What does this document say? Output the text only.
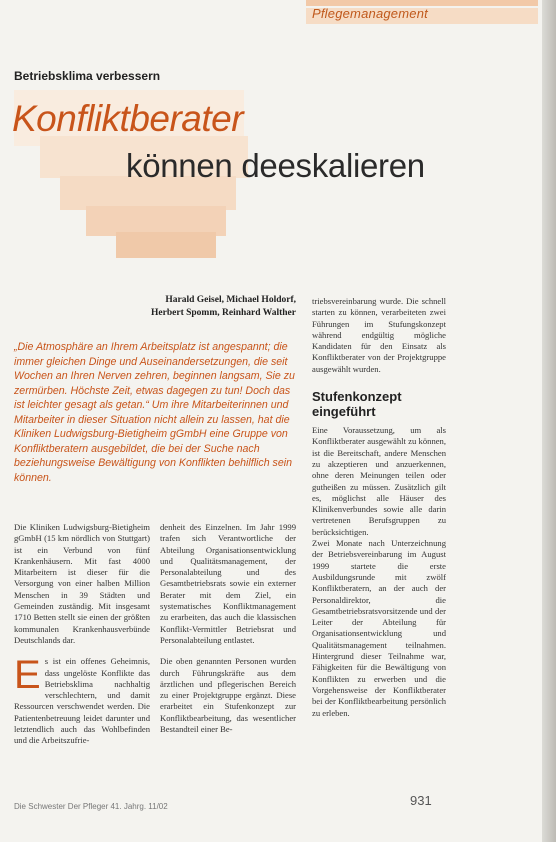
Pflegemanagement
Betriebsklima verbessern
Konfliktberater
können deeskalieren
Harald Geisel, Michael Holdorf,
Herbert Spomm, Reinhard Walther

„Die Atmosphäre an Ihrem Arbeitsplatz ist angespannt; die immer gleichen Dinge und Auseinandersetzungen, die seit Wochen an Ihren Nerven zehren, beginnen langsam, Sie zu zermürben. Höchste Zeit, etwas dagegen zu tun! Doch das ist leichter gesagt als getan.“ Um ihre Mitarbeiterinnen und Mitarbeiter in dieser Situation nicht allein zu lassen, hat die Kliniken Ludwigsburg-Bietigheim gGmbH eine Gruppe von Konfliktberatern ausgebildet, die bei der Suche nach beziehungsweise Bewältigung von Konflikten behilflich sein können.

Die Kliniken Ludwigsburg-Bietigheim gGmbH (15 km nördlich von Stuttgart) ist ein Verbund von fünf Krankenhäusern. Mit fast 4000 Mitarbeitern ist dieser für die Versorgung von einer halben Million Menschen in 39 Städten und Gemeinden zuständig. Mit insgesamt 1710 Betten stellt sie einen der größten kommunalen Krankenhausverbünde Deutschlands dar.

Es ist ein offenes Geheimnis, dass ungelöste Konflikte das Betriebsklima nachhaltig verschlechtern, und damit Ressourcen verschwendet werden. Die Patientenbetreuung leidet darunter und letztendlich auch das Wohlbefinden und die Arbeitszufrie-

denheit des Einzelnen. Im Jahr 1999 trafen sich Verantwortliche der Abteilung Organisationsentwicklung und Qualitätsmanagement, der Personalabteilung und des Gesamtbetriebsrats sowie ein externer Berater mit dem Ziel, ein systematisches Konfliktmanagement zu erarbeiten, das auch die klassischen Konflikt-Vermittler Betriebsrat und Personalabteilung entlastet.

Die oben genannten Personen wurden durch Führungskräfte aus dem ärztlichen und pflegerischen Bereich zu einer Projektgruppe ergänzt. Diese erarbeitet ein Stufenkonzept zur Konfliktbearbeitung, das wesentlicher Bestandteil einer Be-

triebsvereinbarung wurde. Die schnell starten zu können, verarbeiteten zwei Führungen im Stufungskonzept während endgültig mögliche Kandidaten für den Einsatz als Konfliktberater von der Projektgruppe ausgewählt wurden.

Stufenkonzept eingeführt

Eine Voraussetzung, um als Konfliktberater ausgewählt zu können, ist die Bereitschaft, andere Menschen zu akzeptieren und anzuerkennen, ohne deren Meinungen teilen oder gutheißen zu müssen. Zusätzlich gilt es, möglichst alle Häuser des Klinikenverbundes sowie alle darin vertretenen Berufsgruppen zu berücksichtigen.

Zwei Monate nach Unterzeichnung der Betriebsvereinbarung im August 1999 startete die erste Ausbildungsrunde mit zwölf Konfliktberatern, an der auch der Personaldirektor, die Gesamtbetriebsratsvorsitzende und der Leiter der Abteilung für Organisationsentwicklung und Qualitätsmanagement teilnahmen. Hintergrund dieser Teilnahme war, Fähigkeiten für die Bewältigung von Konflikten zu erwerben und die Vorgehensweise der Konfliktberater bei der Konfliktbearbeitung persönlich zu erleben.

Die Schwester Der Pfleger 41. Jahrg. 11/02	931
